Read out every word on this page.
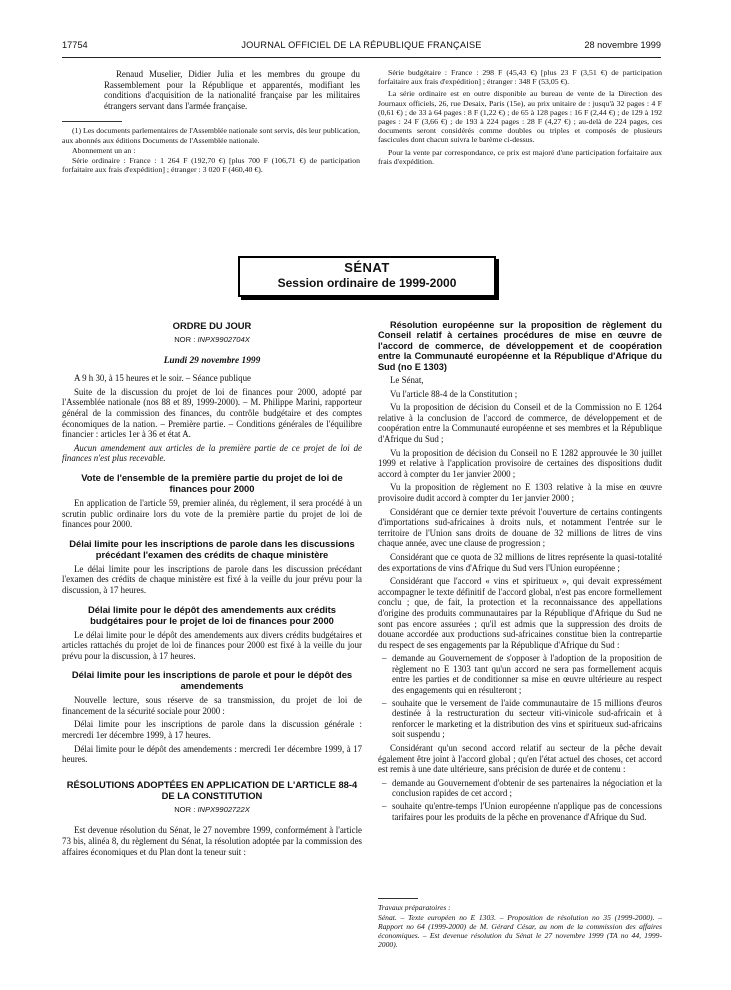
17754	JOURNAL OFFICIEL DE LA RÉPUBLIQUE FRANÇAISE	28 novembre 1999

Renaud Muselier, Didier Julia et les membres du groupe du Rassemblement pour la République et apparentés, modifiant les conditions d'acquisition de la nationalité française par les militaires étrangers servant dans l'armée française.

(1) Les documents parlementaires de l'Assemblée nationale sont servis, dès leur publication, aux abonnés aux éditions Documents de l'Assemblée nationale.

Abonnement un an :

Série ordinaire : France : 1 264 F (192,70 €) [plus 700 F (106,71 €) de participation forfaitaire aux frais d'expédition] ; étranger : 3 020 F (460,40 €).

Série budgétaire : France : 298 F (45,43 €) [plus 23 F (3,51 €) de participation forfaitaire aux frais d'expédition] ; étranger : 348 F (53,05 €).

La série ordinaire est en outre disponible au bureau de vente de la Direction des Journaux officiels, 26, rue Desaix, Paris (15e), au prix unitaire de : jusqu'à 32 pages : 4 F (0,61 €) ; de 33 à 64 pages : 8 F (1,22 €) ; de 65 à 128 pages : 16 F (2,44 €) ; de 129 à 192 pages : 24 F (3,66 €) ; de 193 à 224 pages : 28 F (4,27 €) ; au-delà de 224 pages, ces documents seront considérés comme doubles ou triples et composés de plusieurs fascicules dont chacun suivra le barème ci-dessus.

Pour la vente par correspondance, ce prix est majoré d'une participation forfaitaire aux frais d'expédition.

SÉNAT
Session ordinaire de 1999-2000
ORDRE DU JOUR
NOR : INPX9902704X
Lundi 29 novembre 1999

A 9 h 30, à 15 heures et le soir. – Séance publique

Suite de la discussion du projet de loi de finances pour 2000, adopté par l'Assemblée nationale (nos 88 et 89, 1999-2000). – M. Philippe Marini, rapporteur général de la commission des finances, du contrôle budgétaire et des comptes économiques de la nation. – Première partie. – Conditions générales de l'équilibre financier : articles 1er à 36 et état A.

Aucun amendement aux articles de la première partie de ce projet de loi de finances n'est plus recevable.

Vote de l'ensemble de la première partie du projet de loi de finances pour 2000

En application de l'article 59, premier alinéa, du règlement, il sera procédé à un scrutin public ordinaire lors du vote de la première partie du projet de loi de finances pour 2000.

Délai limite pour les inscriptions de parole dans les discussions précédant l'examen des crédits de chaque ministère

Le délai limite pour les inscriptions de parole dans les discussion précédant l'examen des crédits de chaque ministère est fixé à la veille du jour prévu pour la discussion, à 17 heures.

Délai limite pour le dépôt des amendements aux crédits budgétaires pour le projet de loi de finances pour 2000

Le délai limite pour le dépôt des amendements aux divers crédits budgétaires et articles rattachés du projet de loi de finances pour 2000 est fixé à la veille du jour prévu pour la discussion, à 17 heures.

Délai limite pour les inscriptions de parole et pour le dépôt des amendements

Nouvelle lecture, sous réserve de sa transmission, du projet de loi de financement de la sécurité sociale pour 2000 :

Délai limite pour les inscriptions de parole dans la discussion générale : mercredi 1er décembre 1999, à 17 heures.

Délai limite pour le dépôt des amendements : mercredi 1er décembre 1999, à 17 heures.

RÉSOLUTIONS ADOPTÉES EN APPLICATION DE L'ARTICLE 88-4 DE LA CONSTITUTION
NOR : INPX9902722X

Est devenue résolution du Sénat, le 27 novembre 1999, conformément à l'article 73 bis, alinéa 8, du règlement du Sénat, la résolution adoptée par la commission des affaires économiques et du Plan dont la teneur suit :

Résolution européenne sur la proposition de règlement du Conseil relatif à certaines procédures de mise en œuvre de l'accord de commerce, de développement et de coopération entre la Communauté européenne et la République d'Afrique du Sud (no E 1303)

Le Sénat,

Vu l'article 88-4 de la Constitution ;

Vu la proposition de décision du Conseil et de la Commission no E 1264 relative à la conclusion de l'accord de commerce, de développement et de coopération entre la Communauté européenne et ses membres et la République d'Afrique du Sud ;

Vu la proposition de décision du Conseil no E 1282 approuvée le 30 juillet 1999 et relative à l'application provisoire de certaines des dispositions dudit accord à compter du 1er janvier 2000 ;

Vu la proposition de règlement no E 1303 relative à la mise en œuvre provisoire dudit accord à compter du 1er janvier 2000 ;

Considérant que ce dernier texte prévoit l'ouverture de certains contingents d'importations sud-africaines à droits nuls, et notamment l'entrée sur le territoire de l'Union sans droits de douane de 32 millions de litres de vins chaque année, avec une clause de progression ;

Considérant que ce quota de 32 millions de litres représente la quasi-totalité des exportations de vins d'Afrique du Sud vers l'Union européenne ;

Considérant que l'accord « vins et spiritueux », qui devait expressément accompagner le texte définitif de l'accord global, n'est pas encore formellement conclu ; que, de fait, la protection et la reconnaissance des appellations d'origine des produits communautaires par la République d'Afrique du Sud ne sont pas encore assurées ; qu'il est admis que la suppression des droits de douane accordée aux productions sud-africaines constitue bien la contrepartie du respect de ses engagements par la République d'Afrique du Sud :

– demande au Gouvernement de s'opposer à l'adoption de la proposition de règlement no E 1303 tant qu'un accord ne sera pas formellement acquis entre les parties et de conditionner sa mise en œuvre ultérieure au respect des engagements qui en résulteront ;
– souhaite que le versement de l'aide communautaire de 15 millions d'euros destinée à la restructuration du secteur viti-vinicole sud-africain et à renforcer le marketing et la distribution des vins et spiritueux sud-africains soit suspendu ;

Considérant qu'un second accord relatif au secteur de la pêche devait également être joint à l'accord global ; qu'en l'état actuel des choses, cet accord est remis à une date ultérieure, sans précision de durée et de contenu :

– demande au Gouvernement d'obtenir de ses partenaires la négociation et la conclusion rapides de cet accord ;
– souhaite qu'entre-temps l'Union européenne n'applique pas de concessions tarifaires pour les produits de la pêche en provenance d'Afrique du Sud.
Travaux préparatoires :
Sénat. – Texte européen no E 1303. – Proposition de résolution no 35 (1999-2000). – Rapport no 64 (1999-2000) de M. Gérard César, au nom de la commission des affaires économiques. – Est devenue résolution du Sénat le 27 novembre 1999 (TA no 44, 1999-2000).
